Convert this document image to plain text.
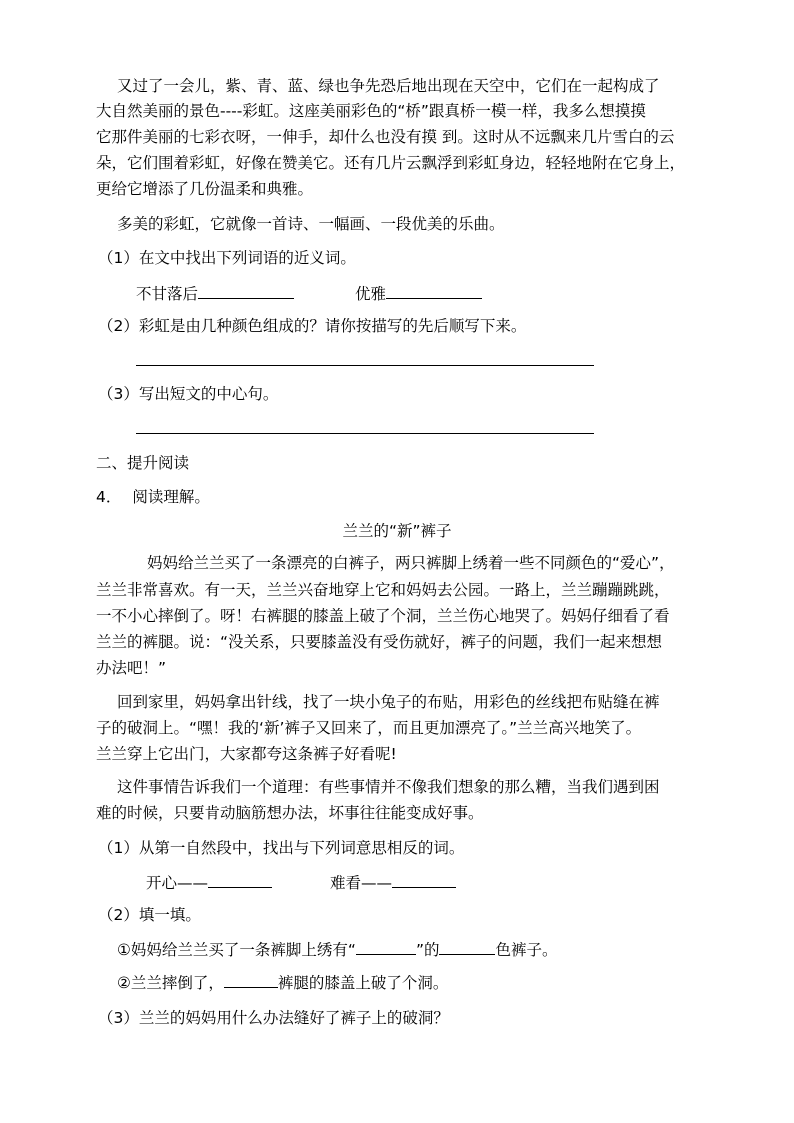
又过了一会儿，紫、青、蓝、绿也争先恐后地出现在天空中，它们在一起构成了

大自然美丽的景色----彩虹。这座美丽彩色的“桥”跟真桥一模一样，我多么想摸摸

它那件美丽的七彩衣呀，一伸手，却什么也没有摸 到。这时从不远飘来几片雪白的云

朵，它们围着彩虹，好像在赞美它。还有几片云飘浮到彩虹身边，轻轻地附在它身上，

更给它增添了几份温柔和典雅。

多美的彩虹，它就像一首诗、一幅画、一段优美的乐曲。

（1）在文中找出下列词语的近义词。

不甘落后	优雅

（2）彩虹是由几种颜色组成的？请你按描写的先后顺写下来。

（3）写出短文的中心句。

二、提升阅读

4． 阅读理解。

兰兰的“新”裤子

妈妈给兰兰买了一条漂亮的白裤子，两只裤脚上绣着一些不同颜色的“爱心”，

兰兰非常喜欢。有一天，兰兰兴奋地穿上它和妈妈去公园。一路上，兰兰蹦蹦跳跳，

一不小心摔倒了。呀！右裤腿的膝盖上破了个洞，兰兰伤心地哭了。妈妈仔细看了看

兰兰的裤腿。说：“没关系，只要膝盖没有受伤就好，裤子的问题，我们一起来想想

办法吧！”

回到家里，妈妈拿出针线，找了一块小兔子的布贴，用彩色的丝线把布贴缝在裤

子的破洞上。“嘿！我的‘新’裤子又回来了，而且更加漂亮了。”兰兰高兴地笑了。

兰兰穿上它出门，大家都夸这条裤子好看呢!

这件事情告诉我们一个道理：有些事情并不像我们想象的那么糟，当我们遇到困

难的时候，只要肯动脑筋想办法，坏事往往能变成好事。

（1）从第一自然段中，找出与下列词意思相反的词。

开心——	难看——

（2）填一填。

①妈妈给兰兰买了一条裤脚上绣有“	”的	色裤子。
②兰兰摔倒了，	裤腿的膝盖上破了个洞。

（3）兰兰的妈妈用什么办法缝好了裤子上的破洞？
